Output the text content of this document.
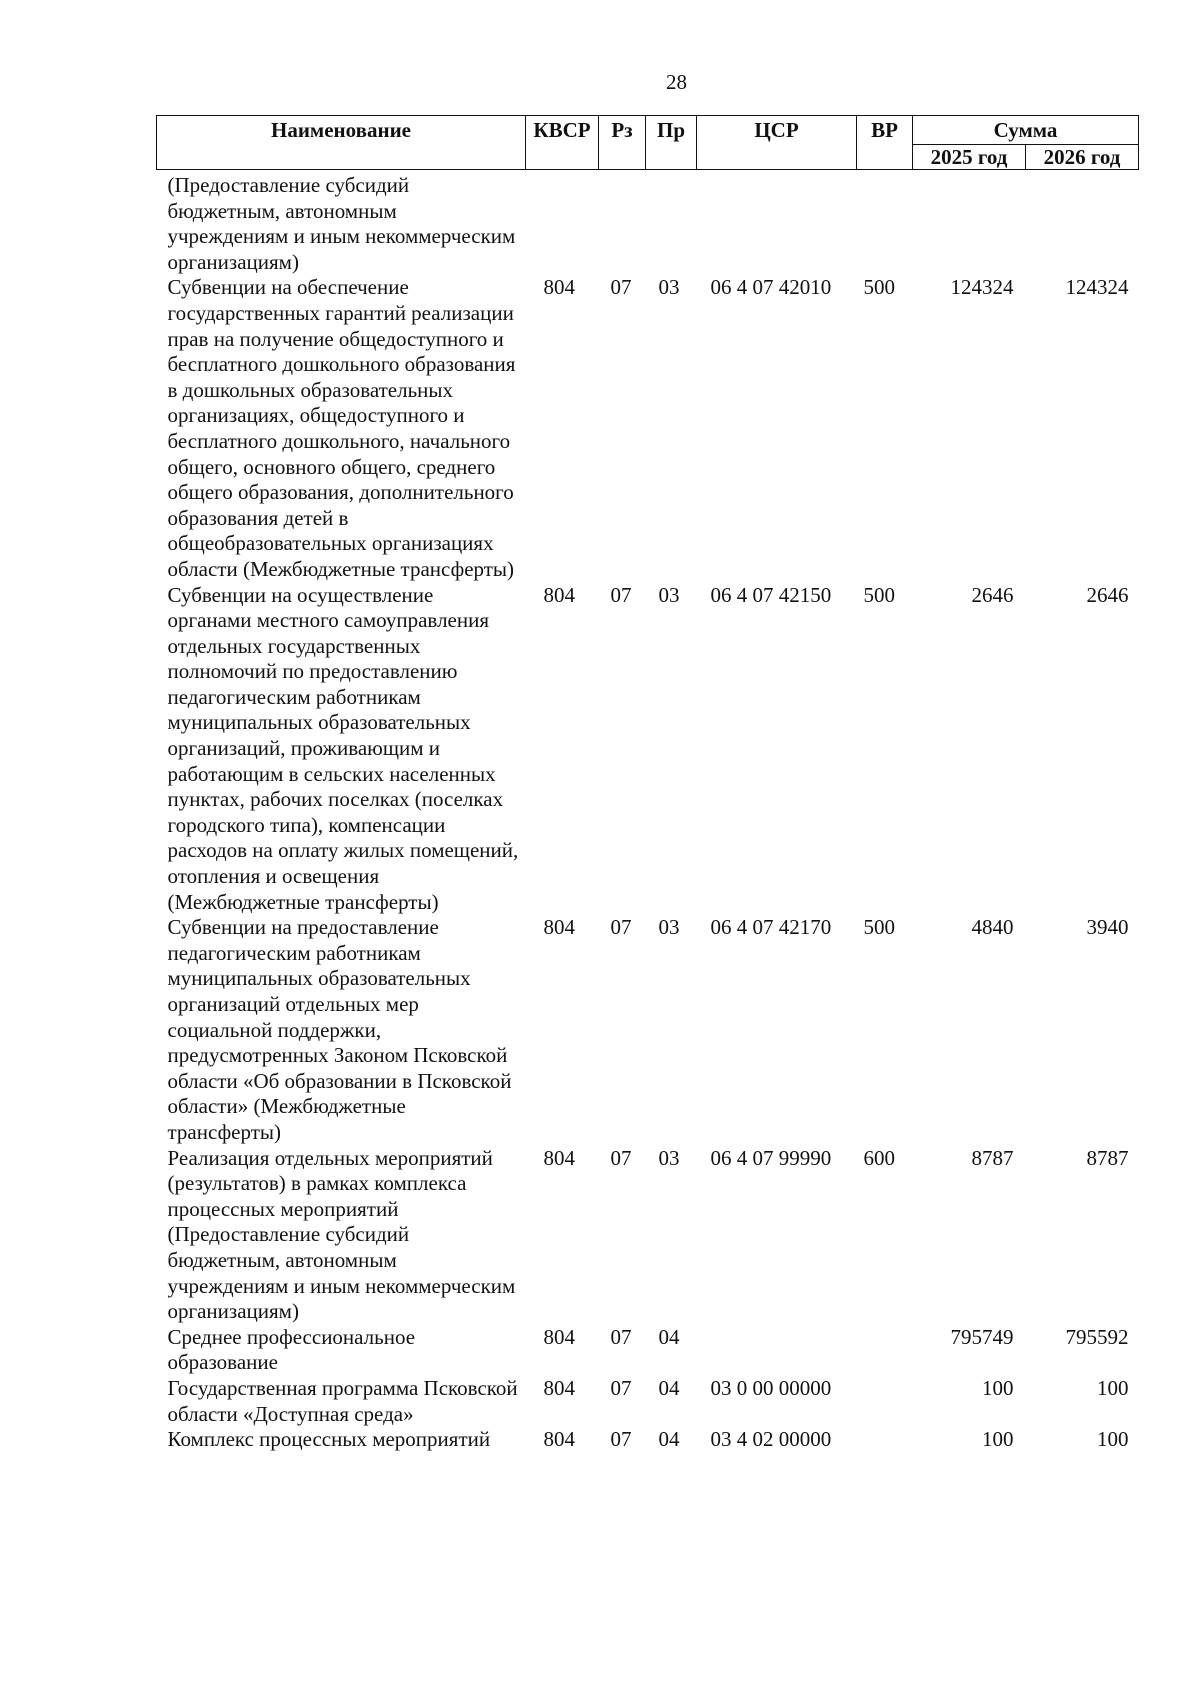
28
Наименование	КВСР	Рз	Пр	ЦСР	ВР	Сумма	
						2025 год	2026 год
(Предоставление субсидий бюджетным, автономным учреждениям и иным некоммерческим организациям)							
Субвенции на обеспечение государственных гарантий реализации прав на получение общедоступного и бесплатного дошкольного образования в дошкольных образовательных организациях, общедоступного и бесплатного дошкольного, начального общего, основного общего, среднего общего образования, дополнительного образования детей в общеобразовательных организациях области (Межбюджетные трансферты)	804	07	03	06 4 07 42010	500	124324	124324
Субвенции на осуществление органами местного самоуправления отдельных государственных полномочий по предоставлению педагогическим работникам муниципальных образовательных организаций, проживающим и работающим в сельских населенных пунктах, рабочих поселках (поселках городского типа), компенсации расходов на оплату жилых помещений, отопления и освещения (Межбюджетные трансферты)	804	07	03	06 4 07 42150	500	2646	2646
Субвенции на предоставление педагогическим работникам муниципальных образовательных организаций отдельных мер социальной поддержки, предусмотренных Законом Псковской области «Об образовании в Псковской области» (Межбюджетные трансферты)	804	07	03	06 4 07 42170	500	4840	3940
Реализация отдельных мероприятий (результатов) в рамках комплекса процессных мероприятий (Предоставление субсидий бюджетным, автономным учреждениям и иным некоммерческим организациям)	804	07	03	06 4 07 99990	600	8787	8787
Среднее профессиональное образование	804	07	04			795749	795592
Государственная программа Псковской области «Доступная среда»	804	07	04	03 0 00 00000		100	100
Комплекс процессных мероприятий	804	07	04	03 4 02 00000		100	100
